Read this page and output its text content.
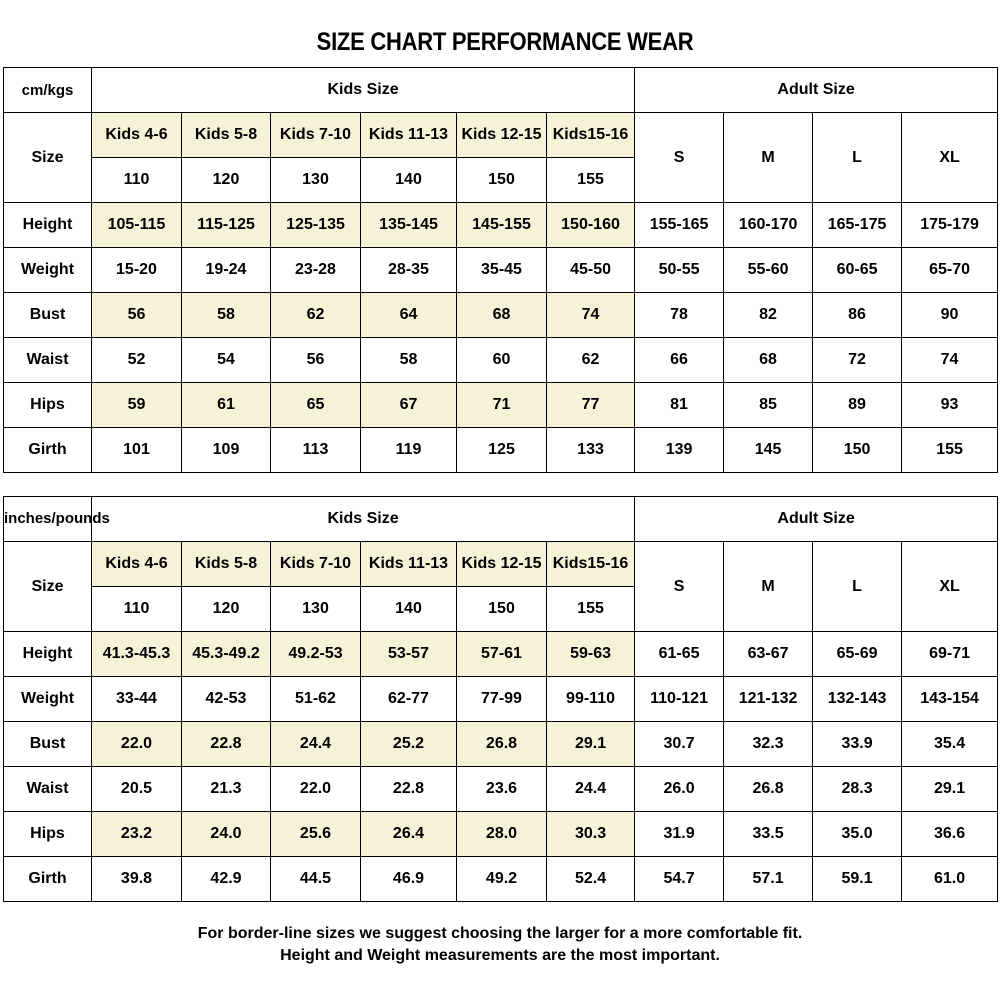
SIZE CHART PERFORMANCE WEAR
cm/kgs	Kids Size						Adult Size			
Size	Kids 4-6	Kids 5-8	Kids 7-10	Kids 11-13	Kids 12-15	Kids15-16	S	M	L	XL
	110	120	130	140	150	155				
Height	105-115	115-125	125-135	135-145	145-155	150-160	155-165	160-170	165-175	175-179
Weight	15-20	19-24	23-28	28-35	35-45	45-50	50-55	55-60	60-65	65-70
Bust	56	58	62	64	68	74	78	82	86	90
Waist	52	54	56	58	60	62	66	68	72	74
Hips	59	61	65	67	71	77	81	85	89	93
Girth	101	109	113	119	125	133	139	145	150	155
inches/pounds	Kids Size						Adult Size			
Size	Kids 4-6	Kids 5-8	Kids 7-10	Kids 11-13	Kids 12-15	Kids15-16	S	M	L	XL
	110	120	130	140	150	155				
Height	41.3-45.3	45.3-49.2	49.2-53	53-57	57-61	59-63	61-65	63-67	65-69	69-71
Weight	33-44	42-53	51-62	62-77	77-99	99-110	110-121	121-132	132-143	143-154
Bust	22.0	22.8	24.4	25.2	26.8	29.1	30.7	32.3	33.9	35.4
Waist	20.5	21.3	22.0	22.8	23.6	24.4	26.0	26.8	28.3	29.1
Hips	23.2	24.0	25.6	26.4	28.0	30.3	31.9	33.5	35.0	36.6
Girth	39.8	42.9	44.5	46.9	49.2	52.4	54.7	57.1	59.1	61.0
For border-line sizes we suggest choosing the larger for a more comfortable fit.
Height and Weight measurements are the most important.
